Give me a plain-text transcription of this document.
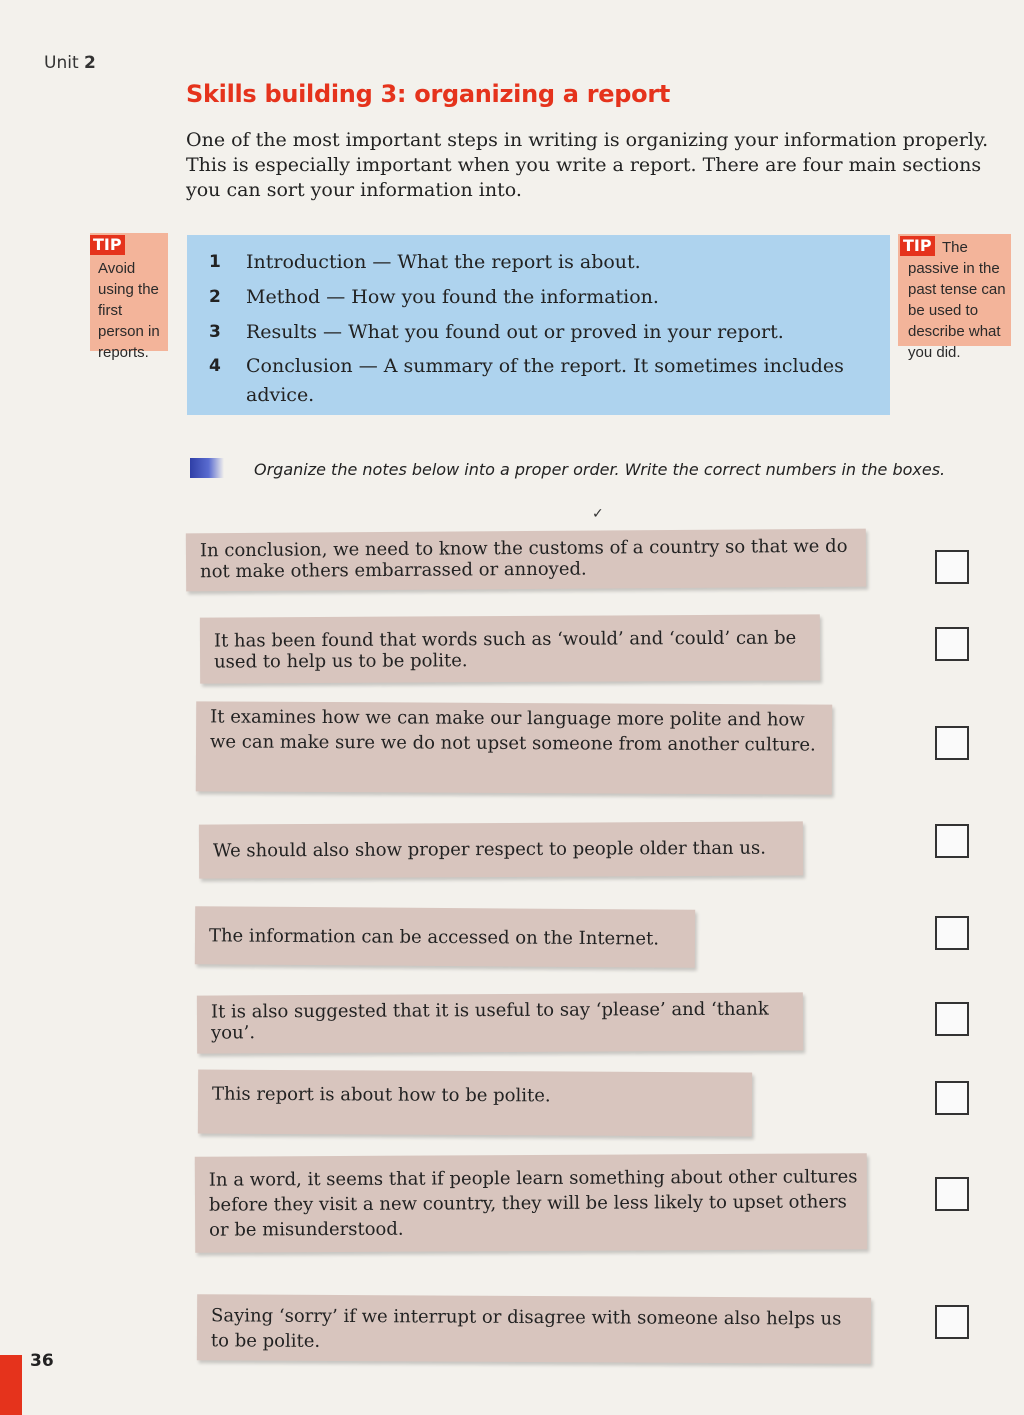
Unit 2
Skills building 3: organizing a report

One of the most important steps in writing is organizing your information properly. This is especially important when you write a report. There are four main sections you can sort your information into.

TIP
Avoid using the first person in reports.
1 Introduction — What the report is about.
2 Method — How you found the information.
3 Results — What you found out or proved in your report.
4 Conclusion — A summary of the report. It sometimes includes advice.
TIP The passive in the past tense can be used to describe what you did.
Organize the notes below into a proper order. Write the correct numbers in the boxes.
✓
In conclusion, we need to know the customs of a country so that we do not make others embarrassed or annoyed.
It has been found that words such as ‘would’ and ‘could’ can be used to help us to be polite.
It examines how we can make our language more polite and how we can make sure we do not upset someone from another culture.
We should also show proper respect to people older than us.
The information can be accessed on the Internet.
It is also suggested that it is useful to say ‘please’ and ‘thank you’.
This report is about how to be polite.
In a word, it seems that if people learn something about other cultures before they visit a new country, they will be less likely to upset others or be misunderstood.
Saying ‘sorry’ if we interrupt or disagree with someone also helps us to be polite.
36
